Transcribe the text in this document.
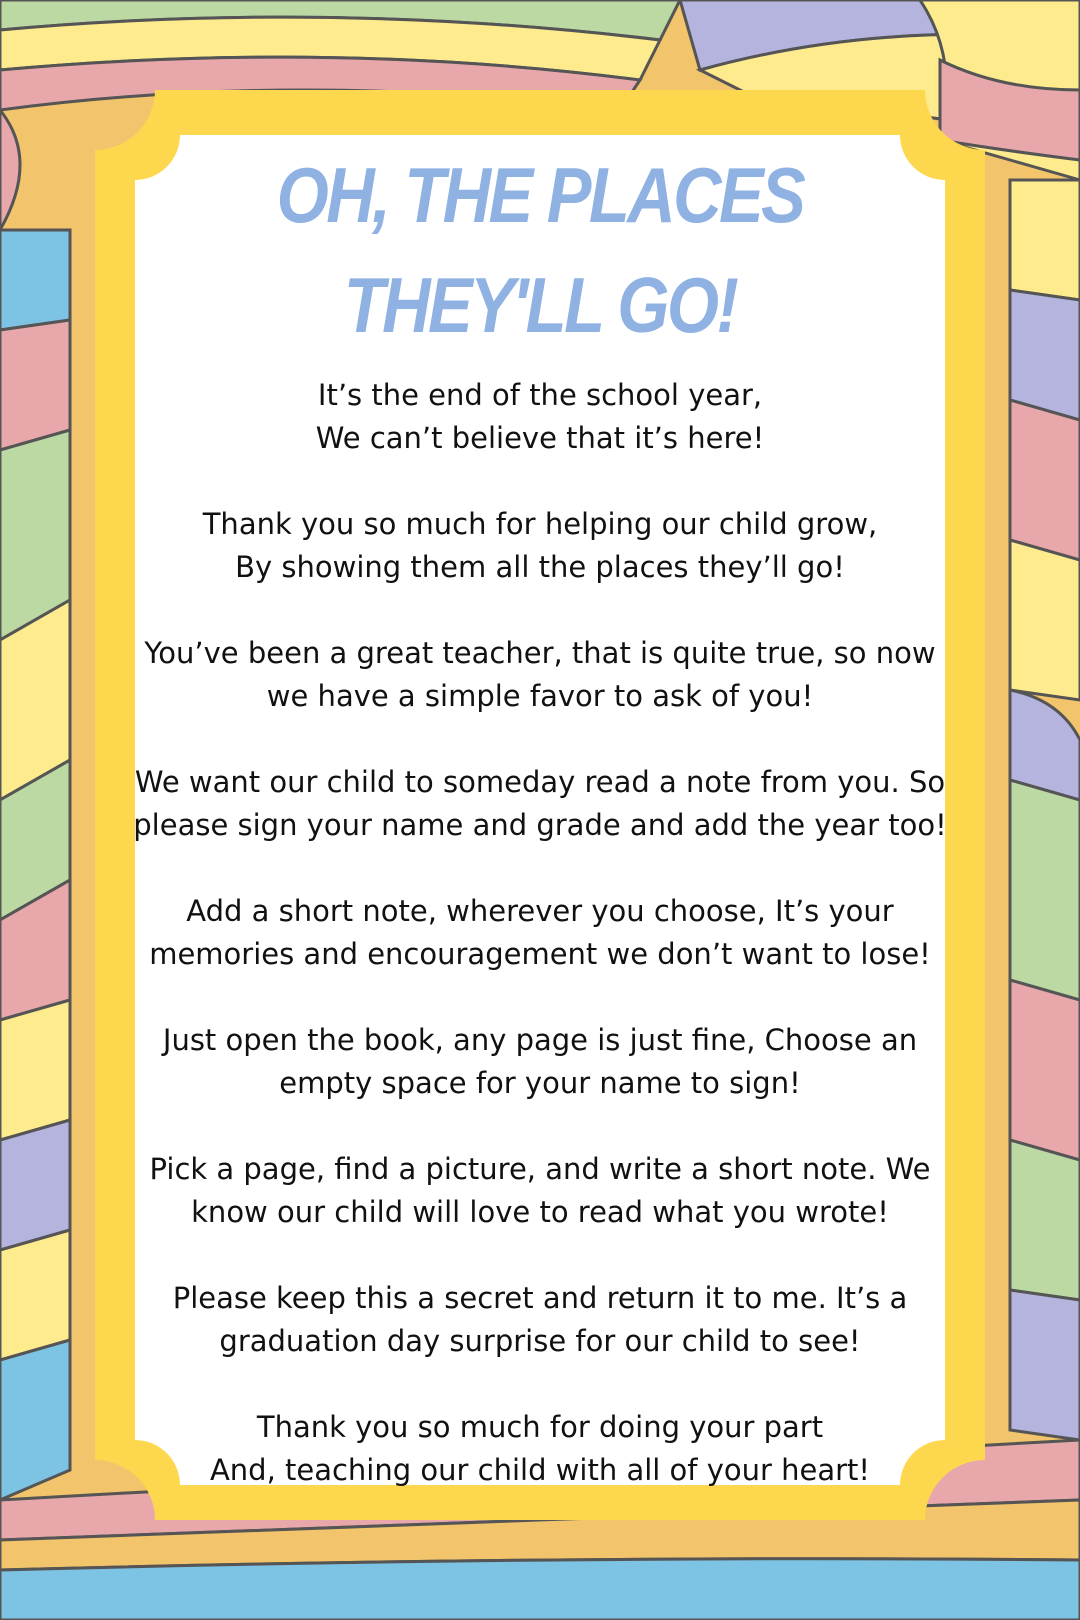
OH, THE PLACES
THEY'LL GO!

It’s the end of the school year,
We can’t believe that it’s here!

Thank you so much for helping our child grow,
By showing them all the places they’ll go!

You’ve been a great teacher, that is quite true, so now
we have a simple favor to ask of you!

We want our child to someday read a note from you. So
please sign your name and grade and add the year too!

Add a short note, wherever you choose, It’s your
memories and encouragement we don’t want to lose!

Just open the book, any page is just fine, Choose an
empty space for your name to sign!

Pick a page, find a picture, and write a short note. We
know our child will love to read what you wrote!

Please keep this a secret and return it to me. It’s a
graduation day surprise for our child to see!

Thank you so much for doing your part
And, teaching our child with all of your heart!
